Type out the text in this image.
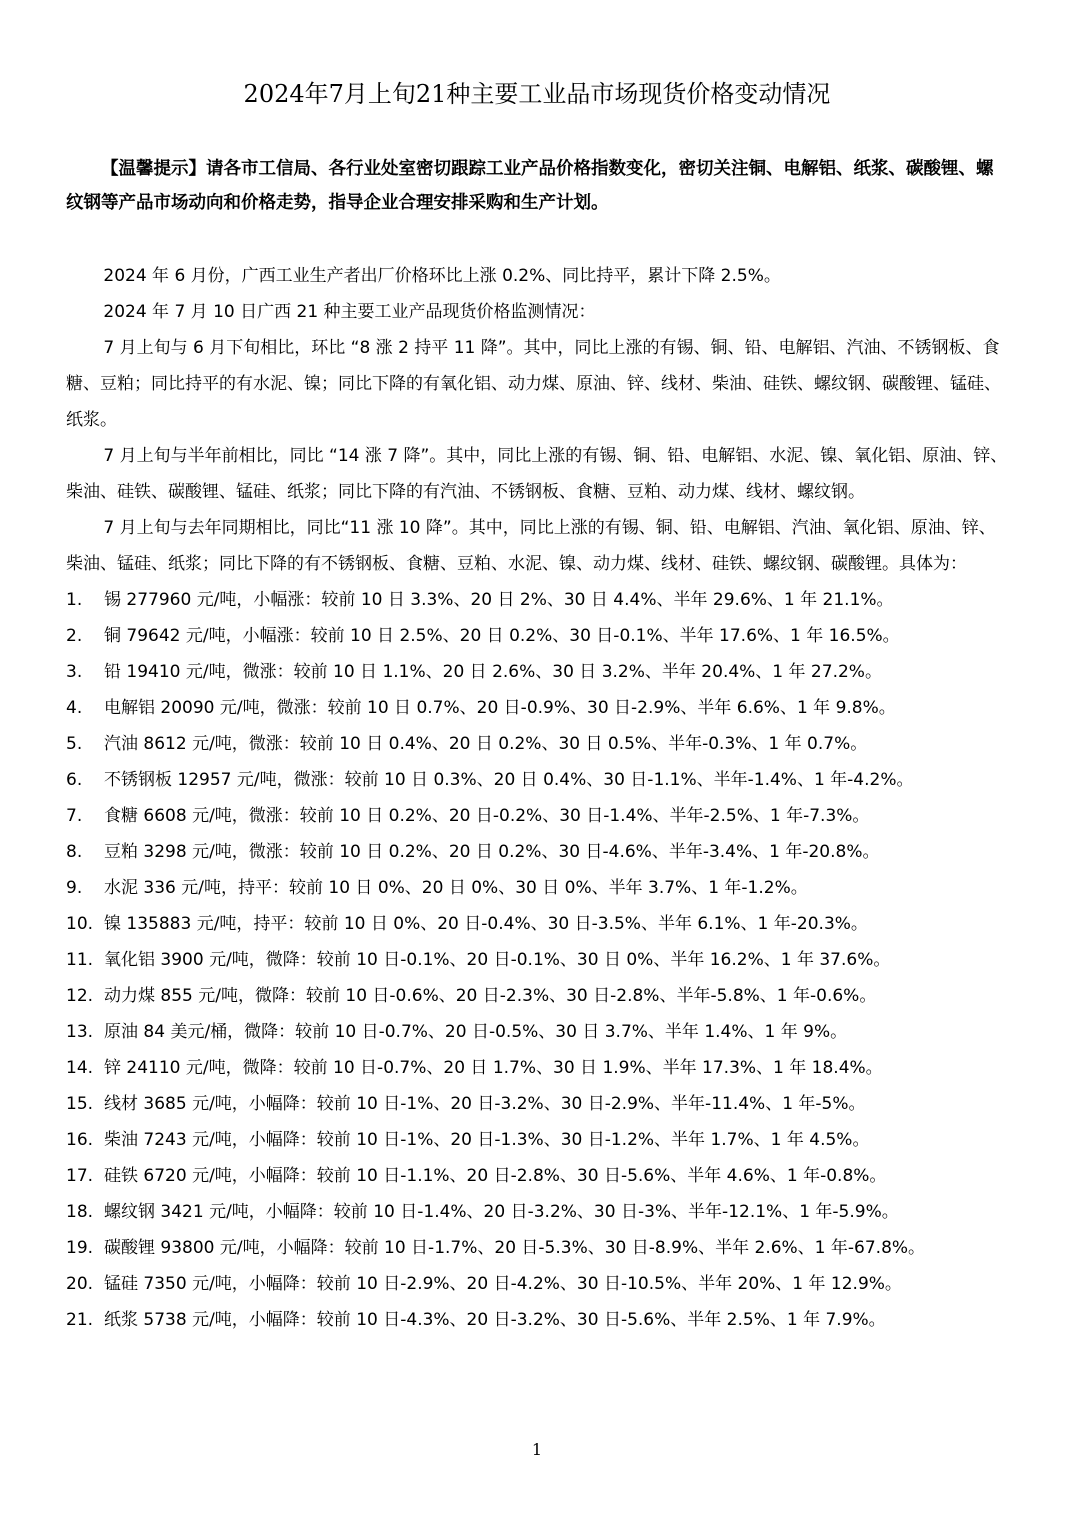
2024年7月上旬21种主要工业品市场现货价格变动情况

【温馨提示】请各市工信局、各行业处室密切跟踪工业产品价格指数变化，密切关注铜、电解铝、纸浆、碳酸锂、螺纹钢等产品市场动向和价格走势，指导企业合理安排采购和生产计划。

2024 年 6 月份，广西工业生产者出厂价格环比上涨 0.2%、同比持平，累计下降 2.5%。

2024 年 7 月 10 日广西 21 种主要工业产品现货价格监测情况：

7 月上旬与 6 月下旬相比，环比 “8 涨 2 持平 11 降”。其中，同比上涨的有锡、铜、铅、电解铝、汽油、不锈钢板、食糖、豆粕；同比持平的有水泥、镍；同比下降的有氧化铝、动力煤、原油、锌、线材、柴油、硅铁、螺纹钢、碳酸锂、锰硅、纸浆。

7 月上旬与半年前相比，同比 “14 涨 7 降”。其中，同比上涨的有锡、铜、铅、电解铝、水泥、镍、氧化铝、原油、锌、柴油、硅铁、碳酸锂、锰硅、纸浆；同比下降的有汽油、不锈钢板、食糖、豆粕、动力煤、线材、螺纹钢。

7 月上旬与去年同期相比，同比“11 涨 10 降”。其中，同比上涨的有锡、铜、铅、电解铝、汽油、氧化铝、原油、锌、柴油、锰硅、纸浆；同比下降的有不锈钢板、食糖、豆粕、水泥、镍、动力煤、线材、硅铁、螺纹钢、碳酸锂。具体为：

1.	锡 277960 元/吨，小幅涨：较前 10 日 3.3%、20 日 2%、30 日 4.4%、半年 29.6%、1 年 21.1%。
2.	铜 79642 元/吨，小幅涨：较前 10 日 2.5%、20 日 0.2%、30 日-0.1%、半年 17.6%、1 年 16.5%。
3.	铅 19410 元/吨，微涨：较前 10 日 1.1%、20 日 2.6%、30 日 3.2%、半年 20.4%、1 年 27.2%。
4.	电解铝 20090 元/吨，微涨：较前 10 日 0.7%、20 日-0.9%、30 日-2.9%、半年 6.6%、1 年 9.8%。
5.	汽油 8612 元/吨，微涨：较前 10 日 0.4%、20 日 0.2%、30 日 0.5%、半年-0.3%、1 年 0.7%。
6.	不锈钢板 12957 元/吨，微涨：较前 10 日 0.3%、20 日 0.4%、30 日-1.1%、半年-1.4%、1 年-4.2%。
7.	食糖 6608 元/吨，微涨：较前 10 日 0.2%、20 日-0.2%、30 日-1.4%、半年-2.5%、1 年-7.3%。
8.	豆粕 3298 元/吨，微涨：较前 10 日 0.2%、20 日 0.2%、30 日-4.6%、半年-3.4%、1 年-20.8%。
9.	水泥 336 元/吨，持平：较前 10 日 0%、20 日 0%、30 日 0%、半年 3.7%、1 年-1.2%。
10. 镍 135883 元/吨，持平：较前 10 日 0%、20 日-0.4%、30 日-3.5%、半年 6.1%、1 年-20.3%。
11. 氧化铝 3900 元/吨，微降：较前 10 日-0.1%、20 日-0.1%、30 日 0%、半年 16.2%、1 年 37.6%。
12. 动力煤 855 元/吨，微降：较前 10 日-0.6%、20 日-2.3%、30 日-2.8%、半年-5.8%、1 年-0.6%。
13. 原油 84 美元/桶，微降：较前 10 日-0.7%、20 日-0.5%、30 日 3.7%、半年 1.4%、1 年 9%。
14. 锌 24110 元/吨，微降：较前 10 日-0.7%、20 日 1.7%、30 日 1.9%、半年 17.3%、1 年 18.4%。
15. 线材 3685 元/吨，小幅降：较前 10 日-1%、20 日-3.2%、30 日-2.9%、半年-11.4%、1 年-5%。
16. 柴油 7243 元/吨，小幅降：较前 10 日-1%、20 日-1.3%、30 日-1.2%、半年 1.7%、1 年 4.5%。
17. 硅铁 6720 元/吨，小幅降：较前 10 日-1.1%、20 日-2.8%、30 日-5.6%、半年 4.6%、1 年-0.8%。
18. 螺纹钢 3421 元/吨，小幅降：较前 10 日-1.4%、20 日-3.2%、30 日-3%、半年-12.1%、1 年-5.9%。
19. 碳酸锂 93800 元/吨，小幅降：较前 10 日-1.7%、20 日-5.3%、30 日-8.9%、半年 2.6%、1 年-67.8%。
20. 锰硅 7350 元/吨，小幅降：较前 10 日-2.9%、20 日-4.2%、30 日-10.5%、半年 20%、1 年 12.9%。
21. 纸浆 5738 元/吨，小幅降：较前 10 日-4.3%、20 日-3.2%、30 日-5.6%、半年 2.5%、1 年 7.9%。
1
